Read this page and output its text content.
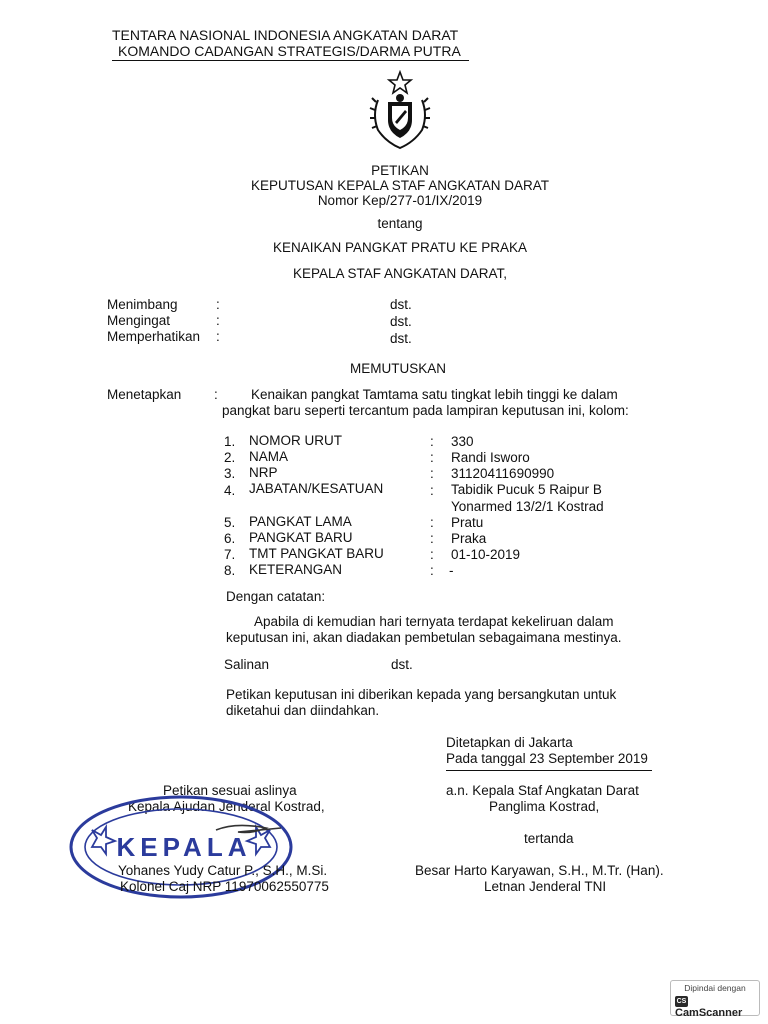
TENTARA NASIONAL INDONESIA ANGKATAN DARAT
KOMANDO CADANGAN STRATEGIS/DARMA PUTRA
PETIKAN
KEPUTUSAN KEPALA STAF ANGKATAN DARAT
Nomor Kep/277-01/IX/2019
tentang
KENAIKAN PANGKAT PRATU KE PRAKA
KEPALA STAF ANGKATAN DARAT,
Menimbang	:	dst.
Mengingat	:	dst.
Memperhatikan :	dst.
MEMUTUSKAN
Menetapkan : Kenaikan pangkat Tamtama satu tingkat lebih tinggi ke dalam
pangkat baru seperti tercantum pada lampiran keputusan ini, kolom:
1. NOMOR URUT	: 330
2. NAMA	: Randi Isworo
3. NRP	: 31120411690990
4. JABATAN/KESATUAN	: Tabidik Pucuk 5 Raipur B
Yonarmed 13/2/1 Kostrad
5. PANGKAT LAMA	: Pratu
6. PANGKAT BARU	: Praka
7. TMT PANGKAT BARU	: 01-10-2019
8. KETERANGAN	: -
Dengan catatan:
Apabila di kemudian hari ternyata terdapat kekeliruan dalam
keputusan ini, akan diadakan pembetulan sebagaimana mestinya.
Salinan	dst.
Petikan keputusan ini diberikan kepada yang bersangkutan untuk
diketahui dan diindahkan.
Ditetapkan di Jakarta
Pada tanggal 23 September 2019
a.n. Kepala Staf Angkatan Darat
Panglima Kostrad,
tertanda
Besar Harto Karyawan, S.H., M.Tr. (Han).
Letnan Jenderal TNI
Petikan sesuai aslinya
Kepala Ajudan Jenderal Kostrad,
KEPALA
Yohanes Yudy Catur P., S.H., M.Si.
Kolonel Caj NRP 11970062550775
Dipindai dengan
CSCamScanner
